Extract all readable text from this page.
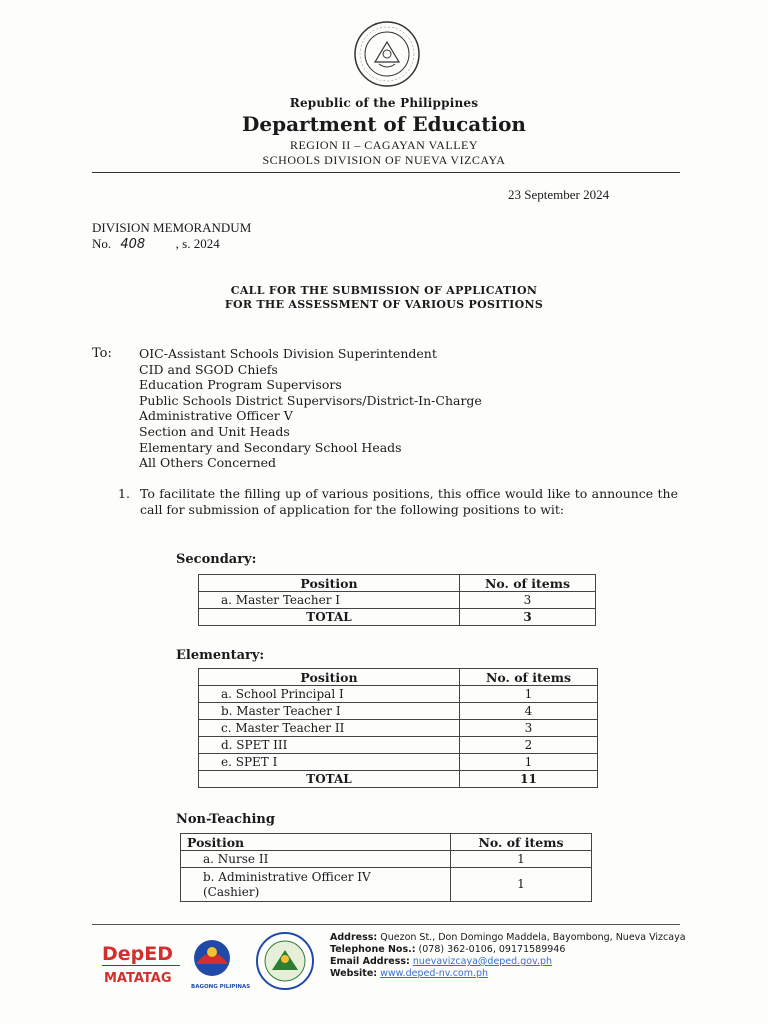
Republic of the Philippines
Department of Education
REGION II – CAGAYAN VALLEY
SCHOOLS DIVISION OF NUEVA VIZCAYA
23 September 2024
DIVISION MEMORANDUM
No. 408 , s. 2024
CALL FOR THE SUBMISSION OF APPLICATION
FOR THE ASSESSMENT OF VARIOUS POSITIONS
To: OIC-Assistant Schools Division Superintendent
CID and SGOD Chiefs
Education Program Supervisors
Public Schools District Supervisors/District-In-Charge
Administrative Officer V
Section and Unit Heads
Elementary and Secondary School Heads
All Others Concerned
1. To facilitate the filling up of various positions, this office would like to announce the call for submission of application for the following positions to wit:
Secondary:
Position	No. of items
a. Master Teacher I	3
TOTAL	3
Elementary:
Position	No. of items
a. School Principal I	1
b. Master Teacher I	4
c. Master Teacher II	3
d. SPET III	2
e. SPET I	1
TOTAL	11
Non-Teaching
Position	No. of items
a. Nurse II	1
b. Administrative Officer IV
(Cashier)	1
DepED
MATATAG
BAGONG PILIPINAS
Address: Quezon St., Don Domingo Maddela, Bayombong, Nueva Vizcaya
Telephone Nos.: (078) 362-0106, 09171589946
Email Address: nuevavizcaya@deped.gov.ph
Website: www.deped-nv.com.ph
